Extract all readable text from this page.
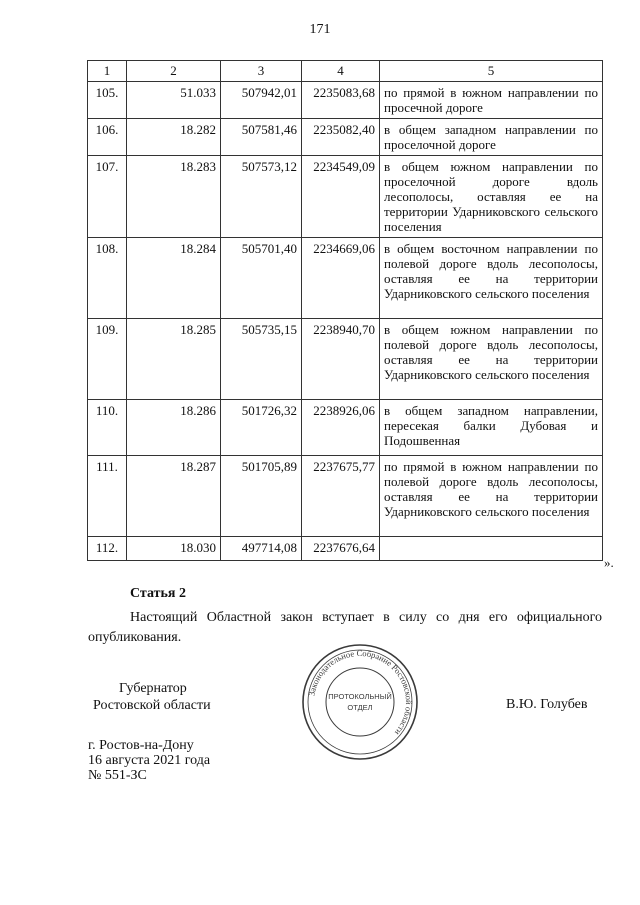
171
1	2	3	4	5
105.	51.033	507942,01	2235083,68	по прямой в южном направлении по просечной дороге
106.	18.282	507581,46	2235082,40	в общем западном направлении по проселочной дороге
107.	18.283	507573,12	2234549,09	в общем южном направлении по проселочной дороге вдоль лесополосы, оставляя ее на территории Ударниковского сельского поселения
108.	18.284	505701,40	2234669,06	в общем восточном направлении по полевой дороге вдоль лесополосы, оставляя ее на территории Ударниковского сельского поселения
109.	18.285	505735,15	2238940,70	в общем южном направлении по полевой дороге вдоль лесополосы, оставляя ее на территории Ударниковского сельского поселения
110.	18.286	501726,32	2238926,06	в общем западном направлении, пересекая балки Дубовая и Подошвенная
111.	18.287	501705,89	2237675,77	по прямой в южном направлении по полевой дороге вдоль лесополосы, оставляя ее на территории Ударниковского сельского поселения
112.	18.030	497714,08	2237676,64	
».
Статья 2
Настоящий Областной закон вступает в силу со дня его официального опубликования.
Губернатор
Ростовской области	В.Ю. Голубев
г. Ростов-на-Дону
16 августа 2021 года
№ 551-ЗС
Законодательное Собрание Ростовской области
ПРОТОКОЛЬНЫЙ
ОТДЕЛ
